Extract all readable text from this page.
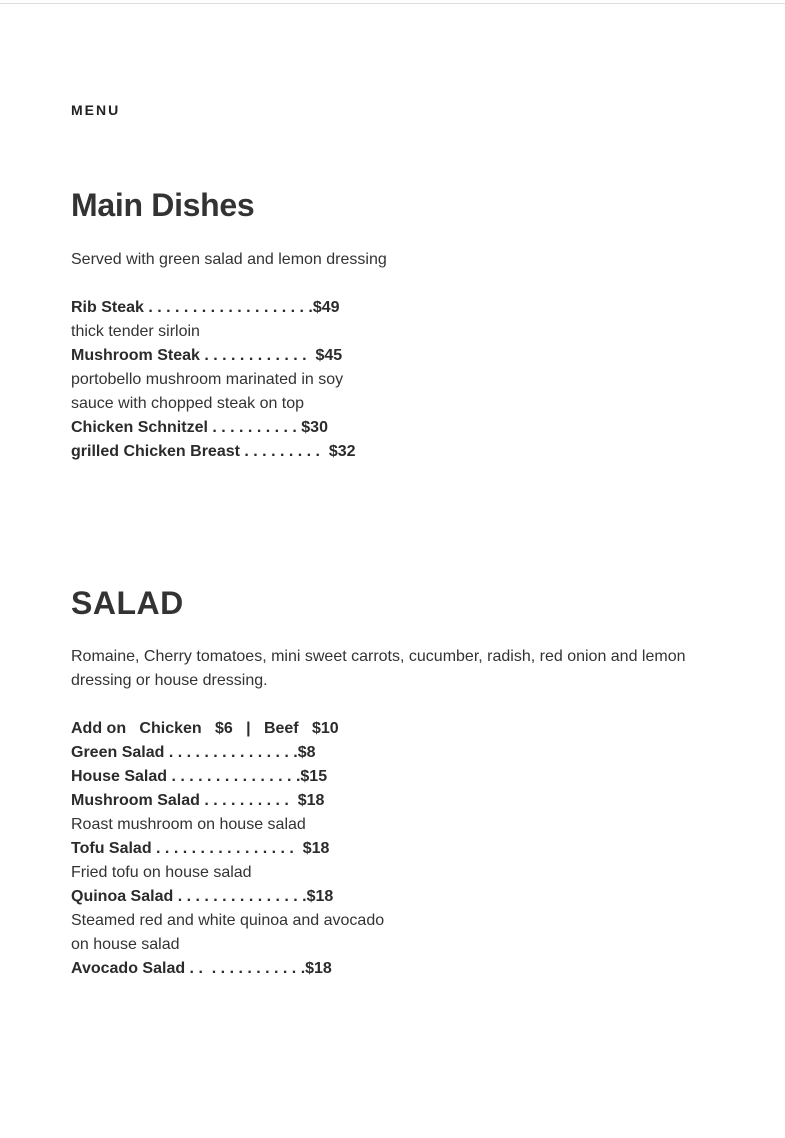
MENU

Main Dishes

Served with green salad and lemon dressing

Rib Steak . . . . . . . . . . . . . . . . . . .$49

thick tender sirloin

Mushroom Steak . . . . . . . . . . . .  $45

portobello mushroom marinated in soy

sauce with chopped steak on top

Chicken Schnitzel . . . . . . . . . . $30

grilled Chicken Breast . . . . . . . . .  $32

SALAD

Romaine, Cherry tomatoes, mini sweet carrots, cucumber, radish, red onion and lemon dressing or house dressing.

Add on   Chicken   $6   |   Beef   $10

Green Salad . . . . . . . . . . . . . . .$8

House Salad . . . . . . . . . . . . . . .$15

Mushroom Salad . . . . . . . . . .  $18

Roast mushroom on house salad

Tofu Salad . . . . . . . . . . . . . . . .  $18

Fried tofu on house salad

Quinoa Salad . . . . . . . . . . . . . . .$18

Steamed red and white quinoa and avocado

on house salad

Avocado Salad . .  . . . . . . . . . . .$18
